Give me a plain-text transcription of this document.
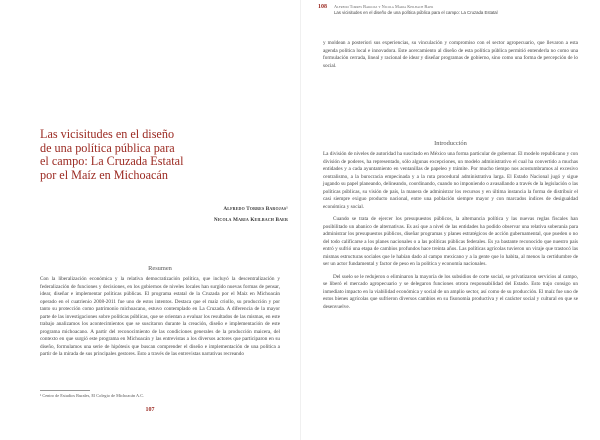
Las vicisitudes en el diseño
de una política pública para
el campo: La Cruzada Estatal
por el Maíz en Michoacán
Alfredo Torres Barojas¹
Nicola Maria Keilbach Baer
Resumen

Con la liberalización económica y la relativa democratización política, que incluyó la descentralización y federalización de funciones y decisiones, en los gobiernos de niveles locales han surgido nuevas formas de pensar, idear, diseñar e implementar políticas públicas. El programa estatal de la Cruzada por el Maíz en Michoacán operado en el cuatrienio 2008-2011 fue uno de estos intentos. Destaca que el maíz criollo, su producción y por tanto su protección como patrimonio michoacano, estuvo contemplado en La Cruzada. A diferencia de la mayor parte de las investigaciones sobre políticas públicas, que se orientan a evaluar los resultados de las mismas, en este trabajo analizamos los acontecimientos que se suscitaron durante la creación, diseño e implementación de este programa michoacano. A partir del reconocimiento de las condiciones generales de la producción maicera, del contexto en que surgió este programa en Michoacán y las entrevistas a los diversos actores que participaron en su diseño, formulamos una serie de hipótesis que buscan comprender el diseño e implementación de una política a partir de la mirada de sus principales gestores. Esto a través de las entrevistas narrativas recreando

¹ Centro de Estudios Rurales, El Colegio de Michoacán A.C.
107
108 Alfredo Torres Barojas y Nicola Maria Keilbach Baer
Las vicisitudes en el diseño de una política pública para el campo: La Cruzada Estatal

y moldean a posteriori sus experiencias, su vinculación y compromiso con el sector agropecuario, que llevaron a esta agenda política local e innovadora. Este acercamiento al diseño de esta política pública permitió entenderla no como una formulación cerrada, lineal y racional de idear y diseñar programas de gobierno, sino como una forma de percepción de lo social.

Introducción

La división de niveles de autoridad ha suscitado en México una forma particular de gobernar. El modelo republicano y con división de poderes, ha representado, sólo algunas excepciones, un modelo administrativo el cual ha convertido a muchas entidades y a cada ayuntamiento en ventanillas de papeleo y trámite. Por mucho tiempo nos acostumbramos al excesivo centralismo, a la burocracia empecinada y a la ruta procedural administrativa larga. El Estado Nacional jugó y sigue jugando su papel planeando, delineando, coordinando, cuando no imponiendo o avasallando a través de la legislación o las políticas públicas, su visión de país, la manera de administrar los recursos y en última instancia la forma de distribuir el casi siempre exiguo producto nacional, entre una población siempre mayor y con marcados índices de desigualdad económica y social.

Cuando se trata de ejercer los presupuestos públicos, la alternancia política y las nuevas reglas fiscales han posibilitado un abanico de alternativas. Es así que a nivel de las entidades ha podido observar una relativa soberanía para administrar los presupuestos públicos, diseñar programas y planes estratégicos de acción gubernamental, que pueden o no del todo calificarse a los planes nacionales o a las políticas públicas federales. Es ya bastante reconocido que nuestro país entró y sufrió una etapa de cambios profundos hace treinta años. Las políticas agrícolas tuvieron un viraje que trastocó las mismas estructuras sociales que le habían dado al campo mexicano y a la gente que lo habita, al menos la certidumbre de ser un actor fundamental y factor de peso en la política y economía nacionales.

Del suelo se le redujeron o eliminaron la mayoría de los subsidios de corte social, se privatizaron servicios al campo, se liberó el mercado agropecuario y se delegaron funciones otrora responsabilidad del Estado. Esto trajo consigo un inmediato impacto en la viabilidad económica y social de un amplio sector, así como de su producción. El maíz fue uno de estos bienes agrícolas que sufrieron diversos cambios en su fisonomía productiva y el carácter social y cultural en que se desenvuelve.
